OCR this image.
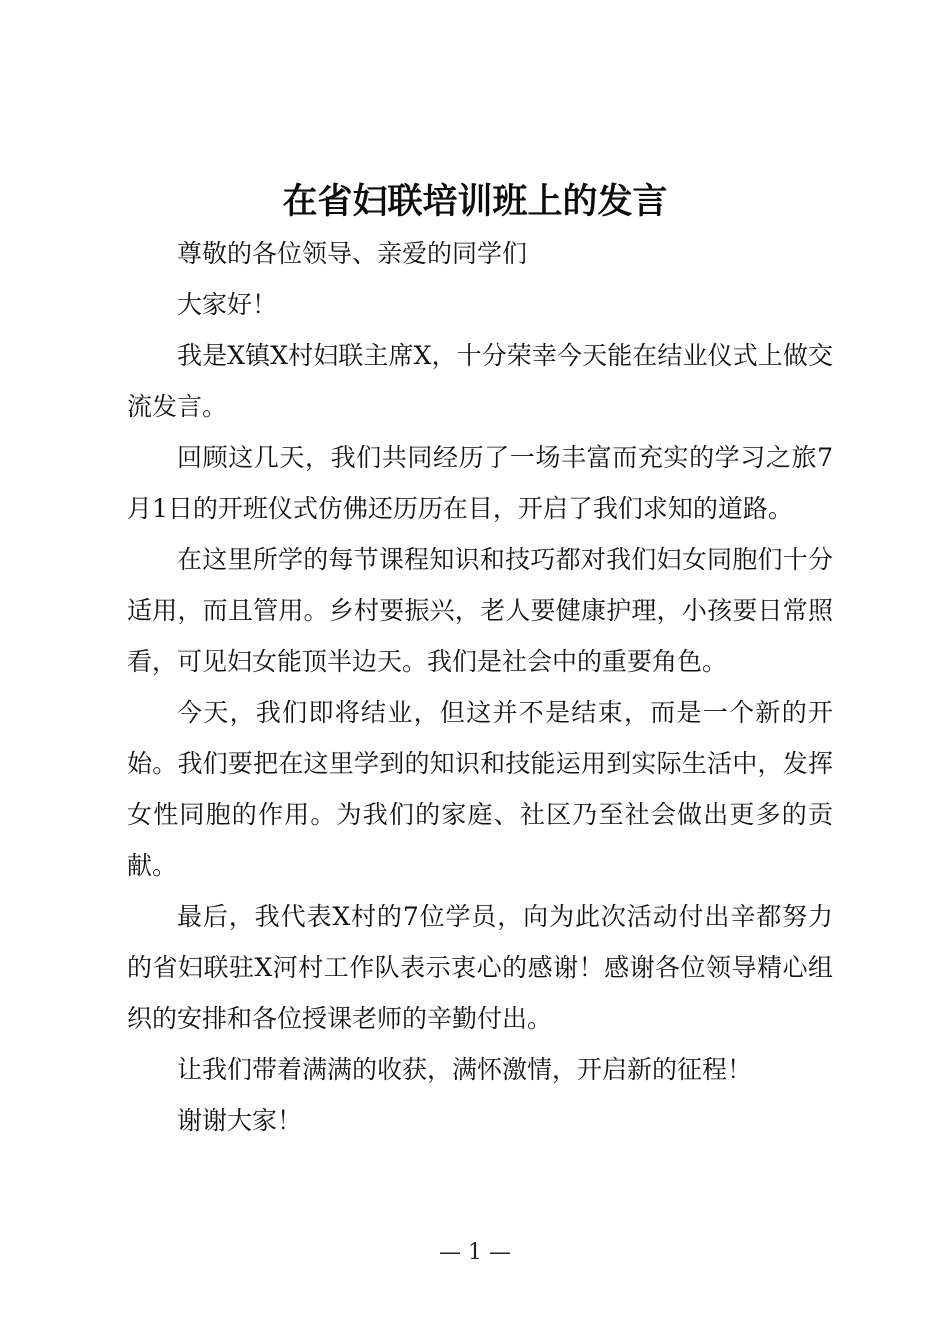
在省妇联培训班上的发言

尊敬的各位领导、亲爱的同学们

大家好！

我是X镇X村妇联主席X，十分荣幸今天能在结业仪式上做交流发言。

回顾这几天，我们共同经历了一场丰富而充实的学习之旅7月1日的开班仪式仿佛还历历在目，开启了我们求知的道路。

在这里所学的每节课程知识和技巧都对我们妇女同胞们十分适用，而且管用。乡村要振兴，老人要健康护理，小孩要日常照看，可见妇女能顶半边天。我们是社会中的重要角色。

今天，我们即将结业，但这并不是结束，而是一个新的开始。我们要把在这里学到的知识和技能运用到实际生活中，发挥女性同胞的作用。为我们的家庭、社区乃至社会做出更多的贡献。

最后，我代表X村的7位学员，向为此次活动付出辛都努力的省妇联驻X河村工作队表示衷心的感谢！感谢各位领导精心组织的安排和各位授课老师的辛勤付出。

让我们带着满满的收获，满怀激情，开启新的征程！

谢谢大家！

— 1 —
